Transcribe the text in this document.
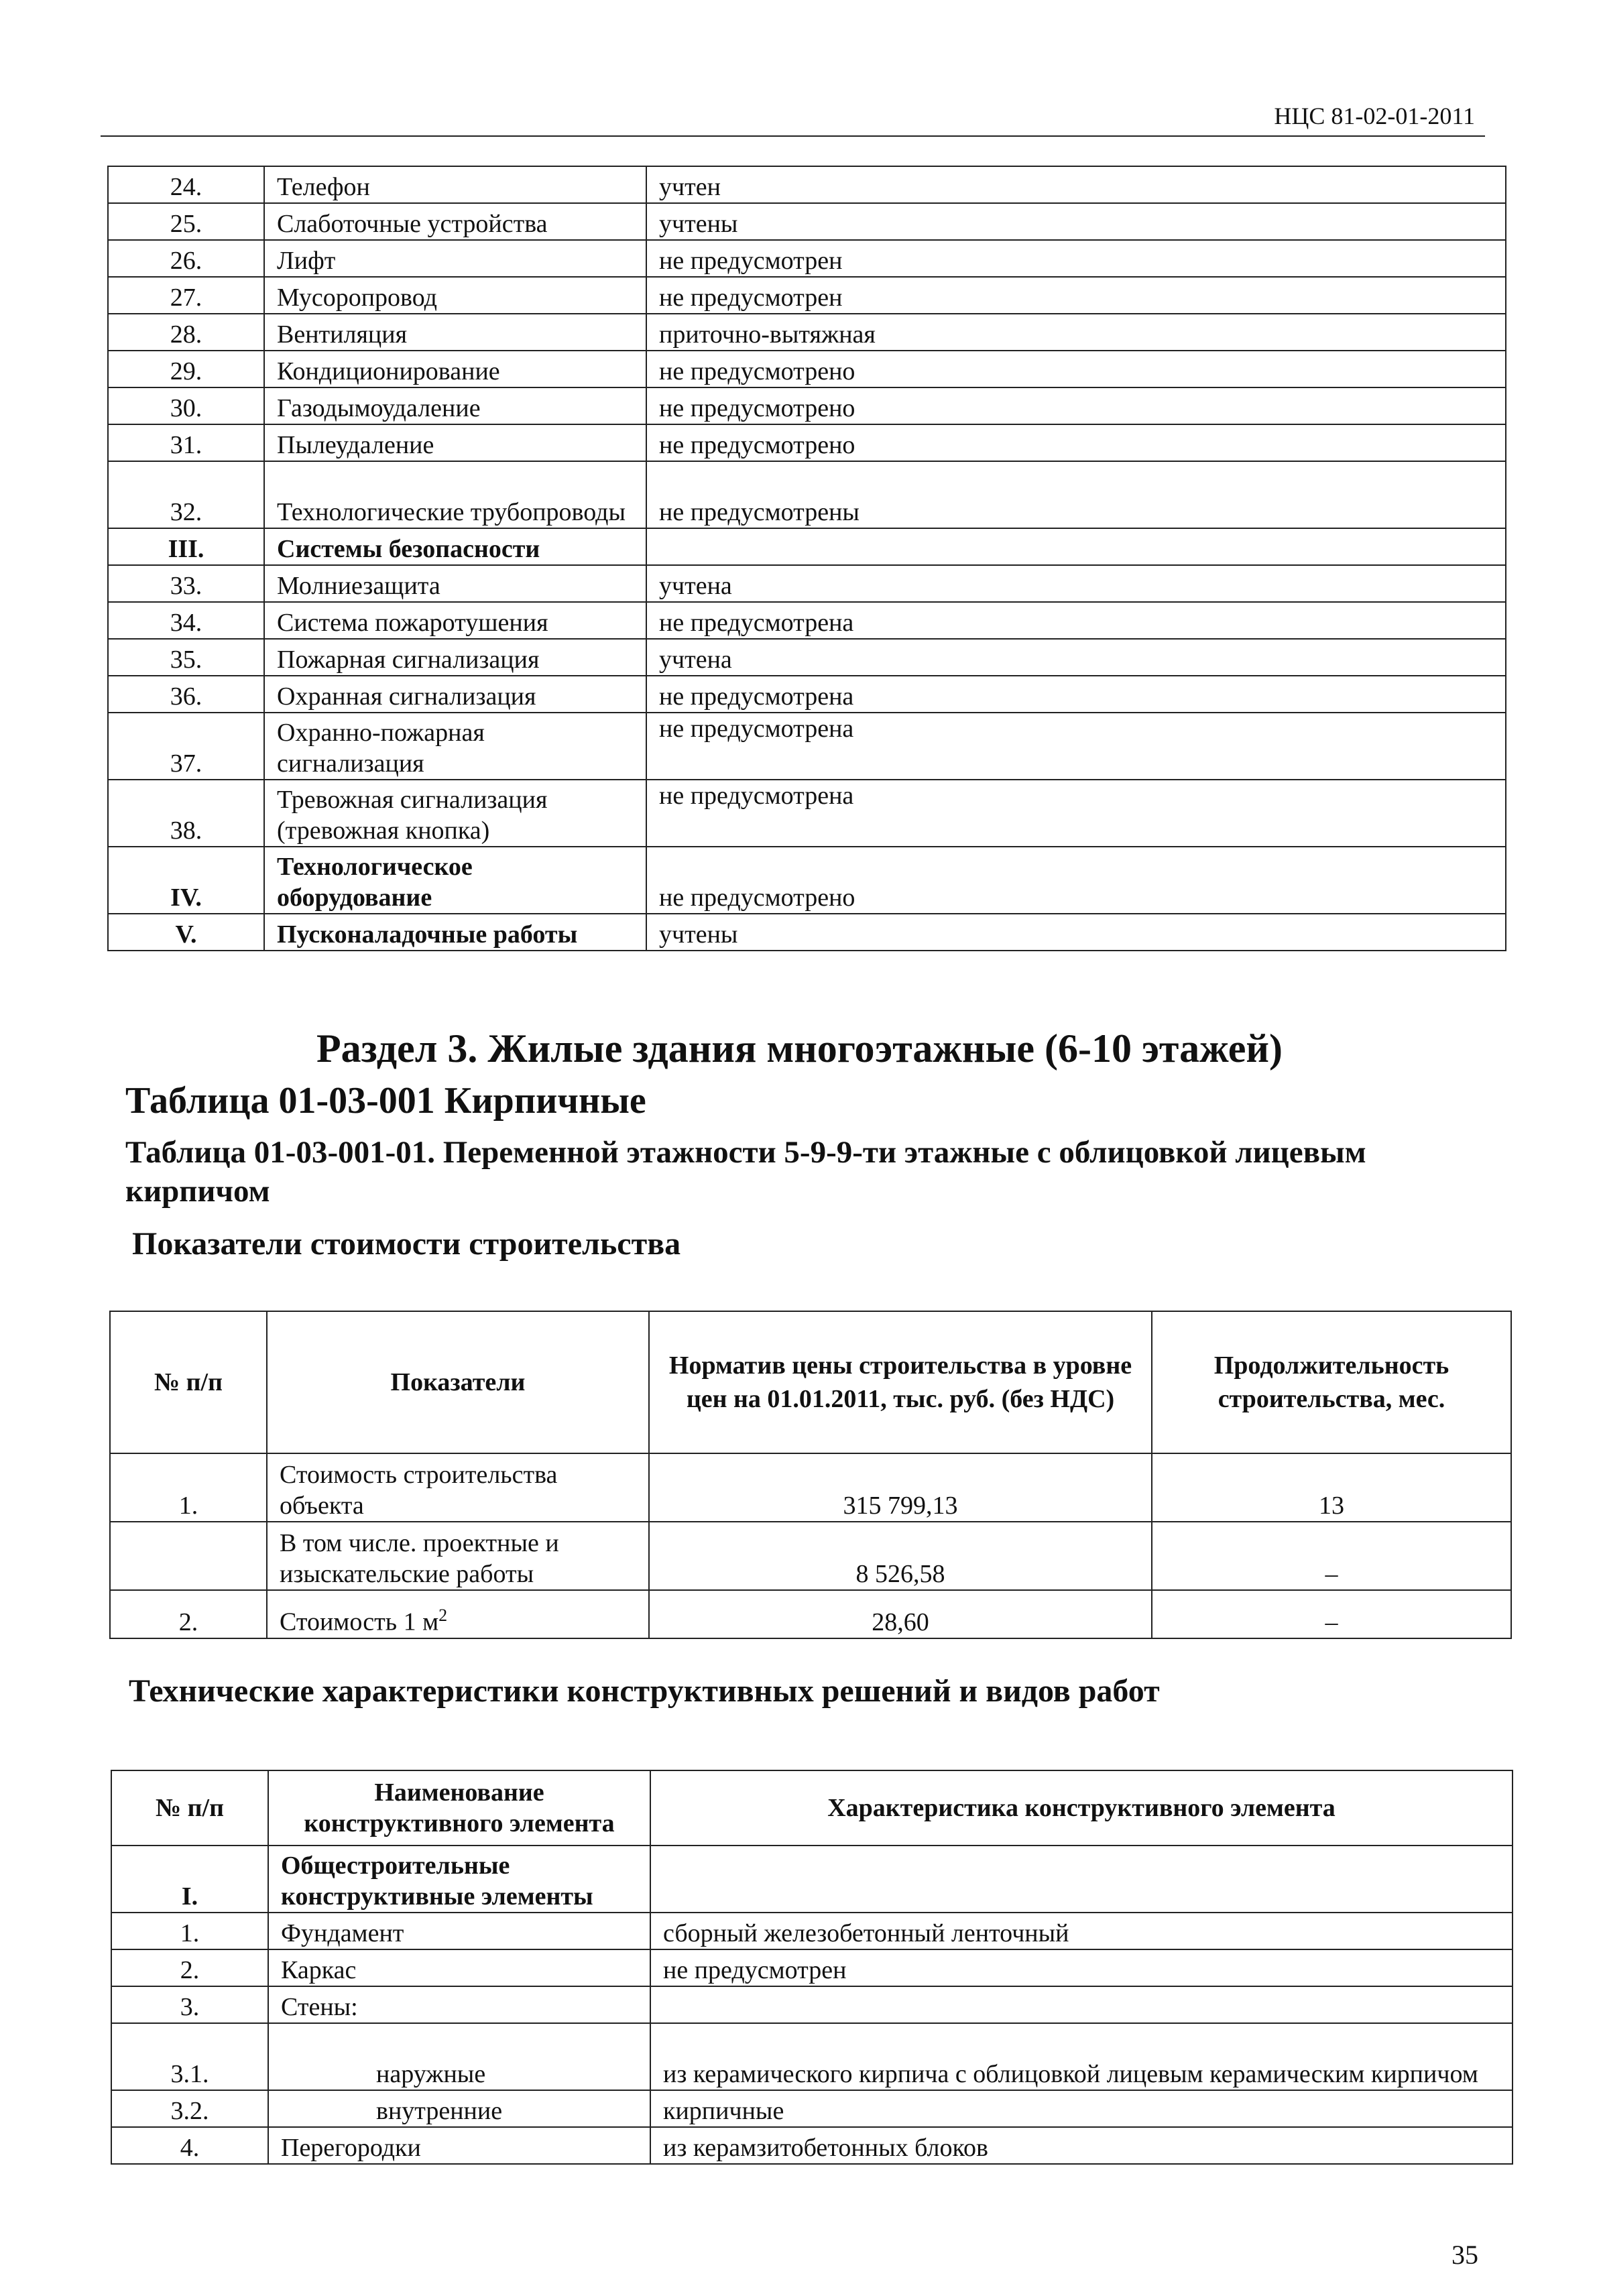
НЦС 81-02-01-2011
24.	Телефон	учтен
25.	Слаботочные устройства	учтены
26.	Лифт	не предусмотрен
27.	Мусоропровод	не предусмотрен
28.	Вентиляция	приточно-вытяжная
29.	Кондиционирование	не предусмотрено
30.	Газодымоудаление	не предусмотрено
31.	Пылеудаление	не предусмотрено
32.	Технологические трубопроводы	не предусмотрены
III.	Системы безопасности	
33.	Молниезащита	учтена
34.	Система пожаротушения	не предусмотрена
35.	Пожарная сигнализация	учтена
36.	Охранная сигнализация	не предусмотрена
37.	Охранно-пожарная сигнализация	не предусмотрена
38.	Тревожная сигнализация (тревожная кнопка)	не предусмотрена
IV.	Технологическое оборудование	не предусмотрено
V.	Пусконаладочные работы	учтены
Раздел 3. Жилые здания многоэтажные (6-10 этажей)
Таблица 01-03-001 Кирпичные
Таблица 01-03-001-01. Переменной этажности 5-9-9-ти этажные с облицовкой лицевым кирпичом
Показатели стоимости строительства
№ п/п	Показатели	Норматив цены строительства в уровне цен на 01.01.2011, тыс. руб. (без НДС)	Продолжительность строительства, мес.
1.	Стоимость строительства объекта	315 799,13	13
	В том числе. проектные и изыскательские работы	8 526,58	–
2.	Стоимость 1 $м^2$	28,60	–
Технические характеристики конструктивных решений и видов работ
№ п/п	Наименование конструктивного элемента	Характеристика конструктивного элемента
I.	Общестроительные конструктивные элементы	
1.	Фундамент	сборный железобетонный ленточный
2.	Каркас	не предусмотрен
3.	Стены:	
3.1.	наружные	из керамического кирпича с облицовкой лицевым керамическим кирпичом
3.2.	внутренние	кирпичные
4.	Перегородки	из керамзитобетонных блоков
35
